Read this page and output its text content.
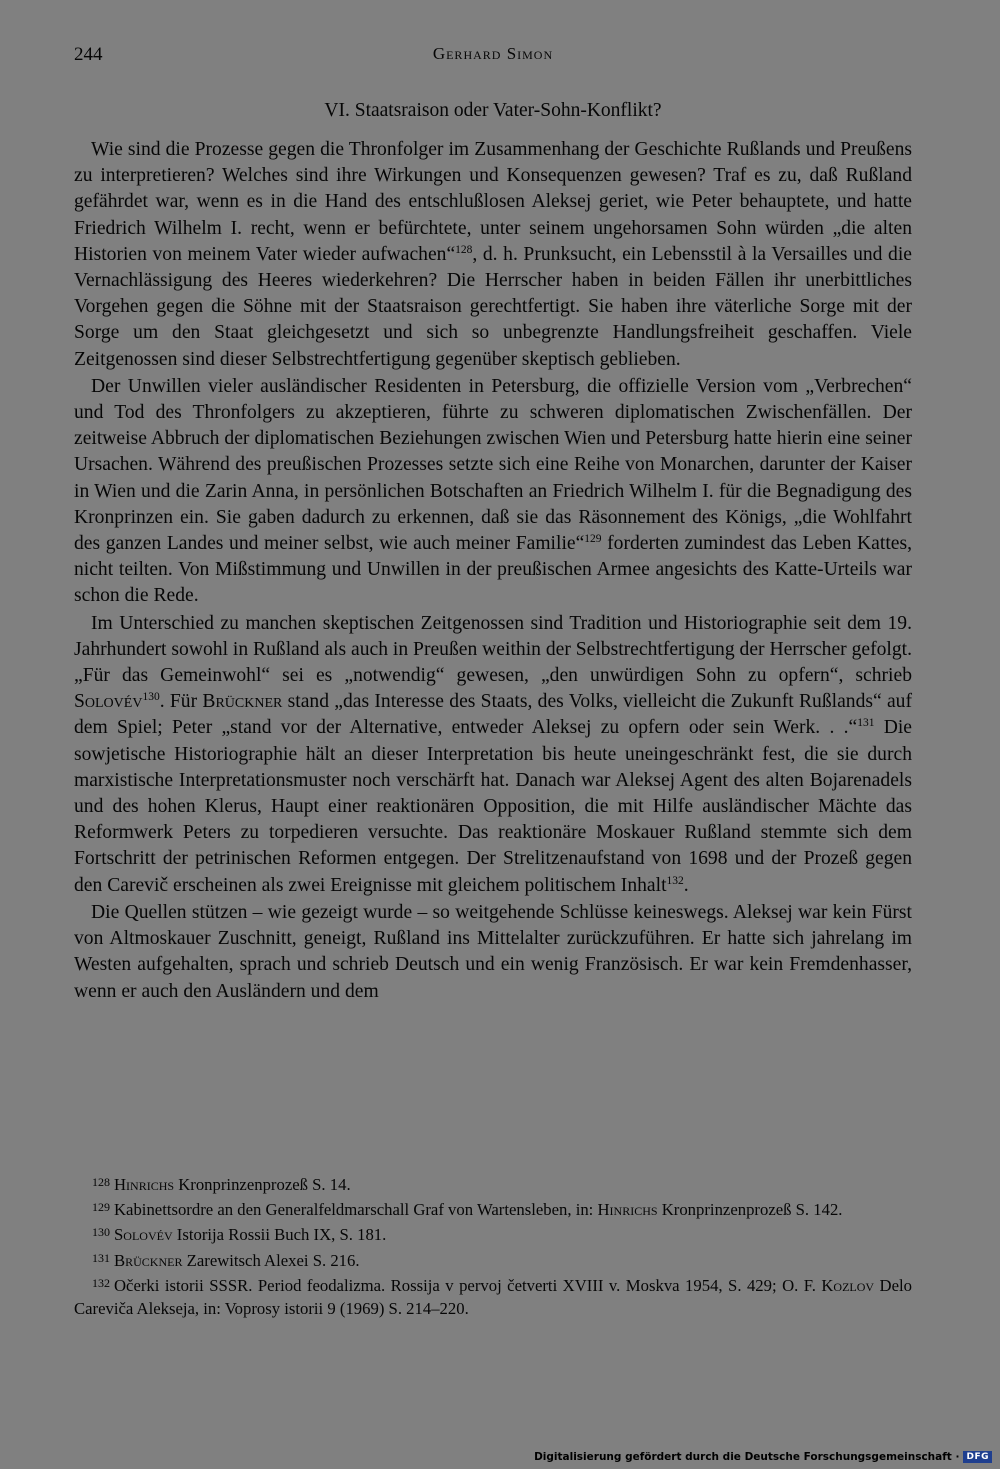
244	Gerhard Simon
VI. Staatsraison oder Vater-Sohn-Konflikt?

Wie sind die Prozesse gegen die Thronfolger im Zusammenhang der Geschichte Rußlands und Preußens zu interpretieren? Welches sind ihre Wirkungen und Konsequenzen gewesen? Traf es zu, daß Rußland gefährdet war, wenn es in die Hand des entschlußlosen Aleksej geriet, wie Peter behauptete, und hatte Friedrich Wilhelm I. recht, wenn er befürchtete, unter seinem ungehorsamen Sohn würden „die alten Historien von meinem Vater wieder aufwachen“$^{128}$, d. h. Prunksucht, ein Lebensstil à la Versailles und die Vernachlässigung des Heeres wiederkehren? Die Herrscher haben in beiden Fällen ihr unerbittliches Vorgehen gegen die Söhne mit der Staatsraison gerechtfertigt. Sie haben ihre väterliche Sorge mit der Sorge um den Staat gleichgesetzt und sich so unbegrenzte Handlungsfreiheit geschaffen. Viele Zeitgenossen sind dieser Selbstrechtfertigung gegenüber skeptisch geblieben.

Der Unwillen vieler ausländischer Residenten in Petersburg, die offizielle Version vom „Verbrechen“ und Tod des Thronfolgers zu akzeptieren, führte zu schweren diplomatischen Zwischenfällen. Der zeitweise Abbruch der diplomatischen Beziehungen zwischen Wien und Petersburg hatte hierin eine seiner Ursachen. Während des preußischen Prozesses setzte sich eine Reihe von Monarchen, darunter der Kaiser in Wien und die Zarin Anna, in persönlichen Botschaften an Friedrich Wilhelm I. für die Begnadigung des Kronprinzen ein. Sie gaben dadurch zu erkennen, daß sie das Räsonnement des Königs, „die Wohlfahrt des ganzen Landes und meiner selbst, wie auch meiner Familie“$^{129}$ forderten zumindest das Leben Kattes, nicht teilten. Von Mißstimmung und Unwillen in der preußischen Armee angesichts des Katte-Urteils war schon die Rede.

Im Unterschied zu manchen skeptischen Zeitgenossen sind Tradition und Historiographie seit dem 19. Jahrhundert sowohl in Rußland als auch in Preußen weithin der Selbstrechtfertigung der Herrscher gefolgt. „Für das Gemeinwohl“ sei es „notwendig“ gewesen, „den unwürdigen Sohn zu opfern“, schrieb Solovév$^{130}$. Für Brückner stand „das Interesse des Staats, des Volks, vielleicht die Zukunft Rußlands“ auf dem Spiel; Peter „stand vor der Alternative, entweder Aleksej zu opfern oder sein Werk. . .“$^{131}$ Die sowjetische Historiographie hält an dieser Interpretation bis heute uneingeschränkt fest, die sie durch marxistische Interpretationsmuster noch verschärft hat. Danach war Aleksej Agent des alten Bojarenadels und des hohen Klerus, Haupt einer reaktionären Opposition, die mit Hilfe ausländischer Mächte das Reformwerk Peters zu torpedieren versuchte. Das reaktionäre Moskauer Rußland stemmte sich dem Fortschritt der petrinischen Reformen entgegen. Der Strelitzenaufstand von 1698 und der Prozeß gegen den Carevič erscheinen als zwei Ereignisse mit gleichem politischem Inhalt$^{132}$.

Die Quellen stützen – wie gezeigt wurde – so weitgehende Schlüsse keineswegs. Aleksej war kein Fürst von Altmoskauer Zuschnitt, geneigt, Rußland ins Mittelalter zurückzuführen. Er hatte sich jahrelang im Westen aufgehalten, sprach und schrieb Deutsch und ein wenig Französisch. Er war kein Fremdenhasser, wenn er auch den Ausländern und dem

$^{128}$ Hinrichs Kronprinzenprozeß S. 14.
$^{129}$ Kabinettsordre an den Generalfeldmarschall Graf von Wartensleben, in: Hinrichs Kronprinzenprozeß S. 142.
$^{130}$ Solovév Istorija Rossii Buch IX, S. 181.
$^{131}$ Brückner Zarewitsch Alexei S. 216.
$^{132}$ Očerki istorii SSSR. Period feodalizma. Rossija v pervoj četverti XVIII v. Moskva 1954, S. 429; O. F. Kozlov Delo Careviča Alekseja, in: Voprosy istorii 9 (1969) S. 214–220.
Digitalisierung gefördert durch die Deutsche Forschungsgemeinschaft · DFG
